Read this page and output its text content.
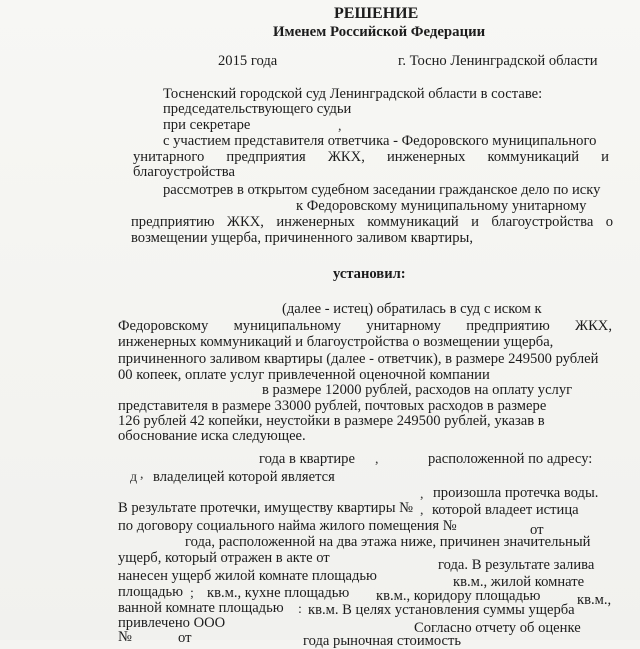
РЕШЕНИЕ
Именем Российской Федерации
2015 года	г. Тосно Ленинградской области
Тосненский городской суд Ленинградской области в составе:
председательствующего судьи
при секретаре	,
с участием представителя ответчика - Федоровского муниципального
унитарного предприятия ЖКХ, инженерных коммуникаций и
благоустройства
рассмотрев в открытом судебном заседании гражданское дело по иску
к Федоровскому муниципальному унитарному
предприятию ЖКХ, инженерных коммуникаций и благоустройства о
возмещении ущерба, причиненного заливом квартиры,
установил:
(далее - истец) обратилась в суд с иском к
Федоровскому муниципальному унитарному предприятию ЖКХ,
инженерных коммуникаций и благоустройства о возмещении ущерба,
причиненного заливом квартиры (далее - ответчик), в размере 249500 рублей
00 копеек, оплате услуг привлеченной оценочной компании
в размере 12000 рублей, расходов на оплату услуг
представителя в размере 33000 рублей, почтовых расходов в размере
126 рублей 42 копейки, неустойки в размере 249500 рублей, указав в
обоснование иска следующее.
года в квартире ,	расположенной по адресу:
д , владелицей которой является
, произошла протечка воды.
В результате протечки, имуществу квартиры № , которой владеет истица
по договору социального найма жилого помещения №	от
года, расположенной на два этажа ниже, причинен значительный
ущерб, который отражен в акте от	года. В результате залива
нанесен ущерб жилой комнате площадью	кв.м., жилой комнате
площадью ; кв.м., кухне площадью кв.м., коридору площадью	кв.м.,
ванной комнате площадью : кв.м. В целях установления суммы ущерба
привлечено ООО	Согласно отчету об оценке
№	от	года рыночная стоимость
